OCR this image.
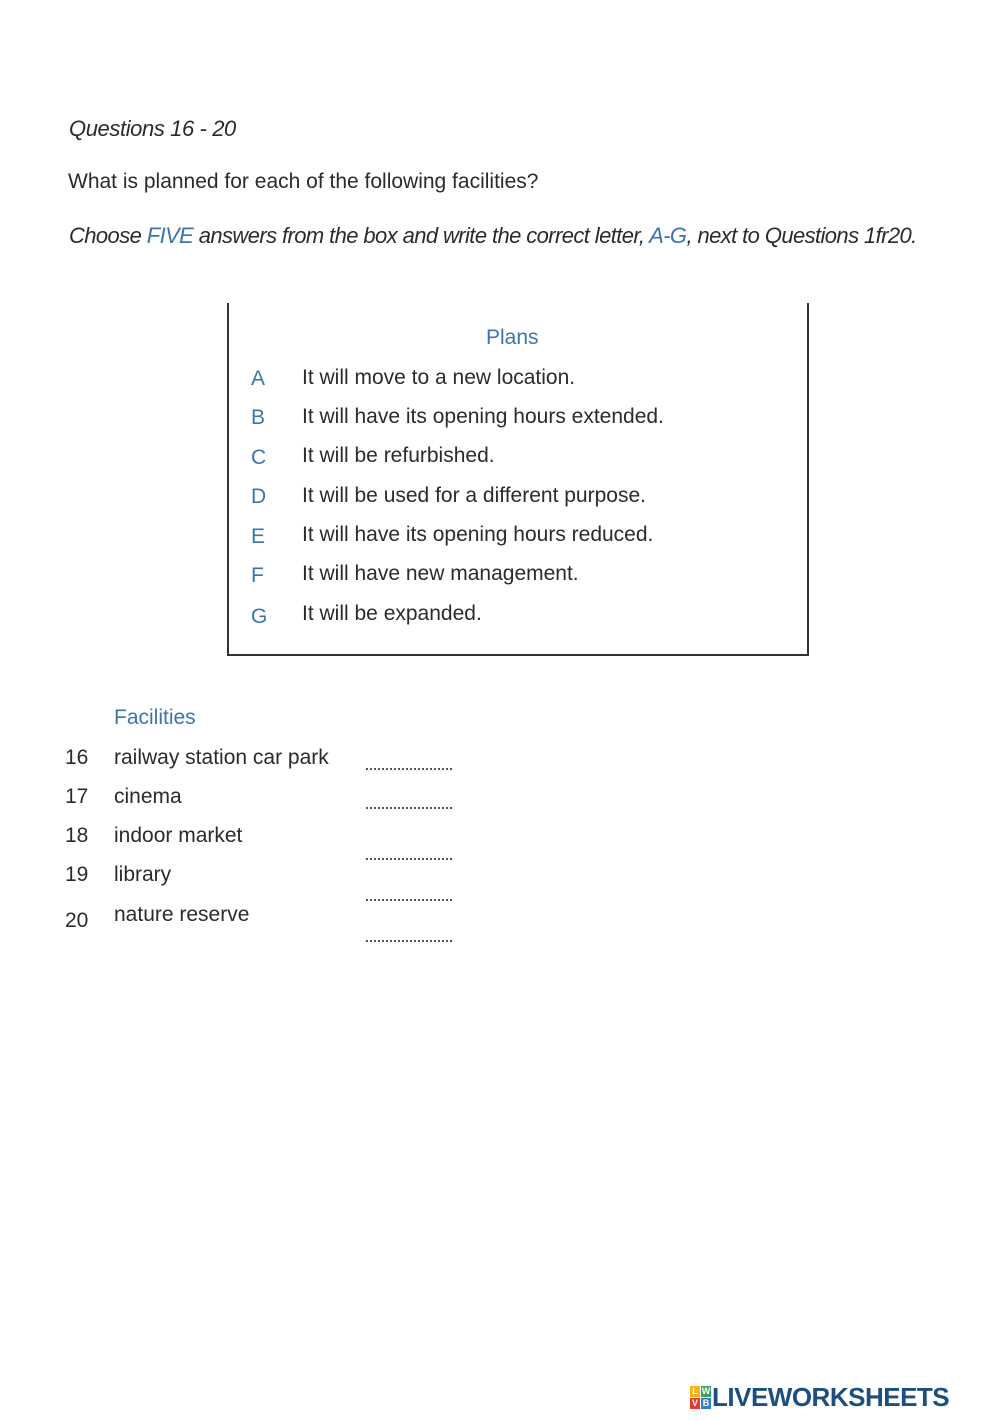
Questions 16 - 20
What is planned for each of the following facilities?
Choose FIVE answers from the box and write the correct letter, A-G, next to Questions 1fr20.
Plans
A It will move to a new location.
B It will have its opening hours extended.
C It will be refurbished.
D It will be used for a different purpose.
E It will have its opening hours reduced.
F It will have new management.
G It will be expanded.
Facilities
16 railway station car park
17 cinema
18 indoor market
19 library
20 nature reserve
L W
V B LIVEWORKSHEETS
